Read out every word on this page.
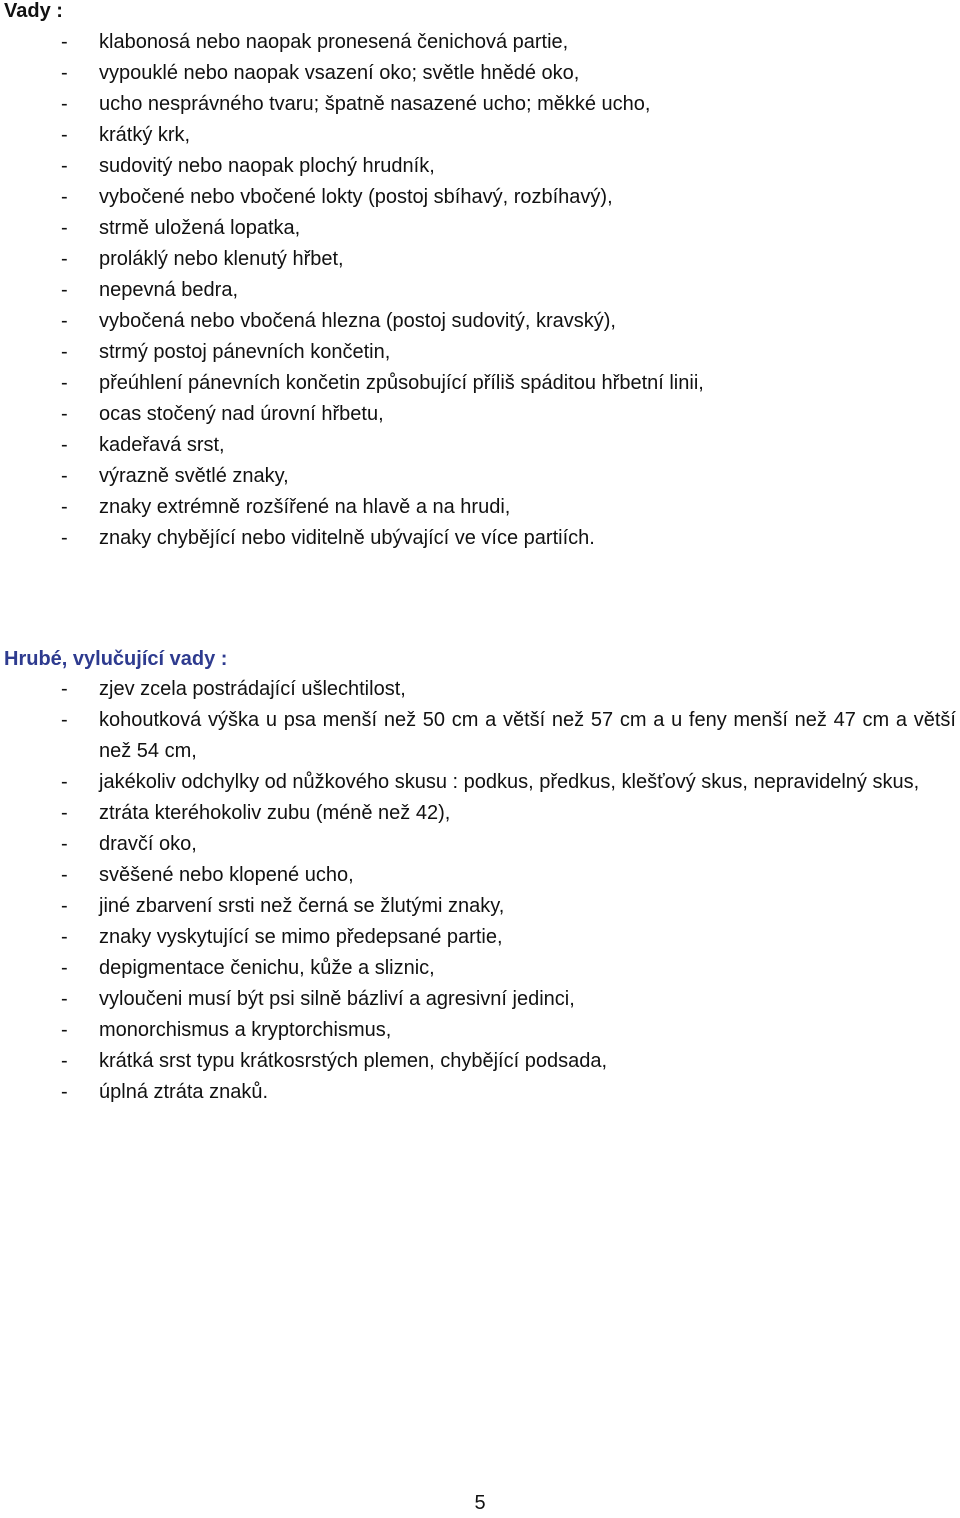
Vady :
- klabonosá nebo naopak pronesená čenichová partie,
- vypouklé nebo naopak vsazení oko; světle hnědé oko,
- ucho nesprávného tvaru; špatně nasazené ucho; měkké ucho,
- krátký krk,
- sudovitý nebo naopak plochý hrudník,
- vybočené nebo vbočené lokty (postoj sbíhavý, rozbíhavý),
- strmě uložená lopatka,
- proláklý nebo klenutý hřbet,
- nepevná bedra,
- vybočená nebo vbočená hlezna (postoj sudovitý, kravský),
- strmý postoj pánevních končetin,
- přeúhlení pánevních končetin způsobující příliš spáditou hřbetní linii,
- ocas stočený nad úrovní hřbetu,
- kadeřavá srst,
- výrazně světlé znaky,
- znaky extrémně rozšířené na hlavě a na hrudi,
- znaky chybějící nebo viditelně ubývající ve více partiích.
Hrubé, vylučující vady :
- zjev zcela postrádající ušlechtilost,
- kohoutková výška u psa menší než 50 cm a větší než 57 cm a u feny menší než 47 cm a větší než 54 cm,
- jakékoliv odchylky od nůžkového skusu : podkus, předkus, klešťový skus, nepravidelný skus,
- ztráta kteréhokoliv zubu (méně než 42),
- dravčí oko,
- svěšené nebo klopené ucho,
- jiné zbarvení srsti než černá se žlutými znaky,
- znaky vyskytující se mimo předepsané partie,
- depigmentace čenichu, kůže a sliznic,
- vyloučeni musí být psi silně bázliví a agresivní jedinci,
- monorchismus a kryptorchismus,
- krátká srst typu krátkosrstých plemen, chybějící podsada,
- úplná ztráta znaků.
5
